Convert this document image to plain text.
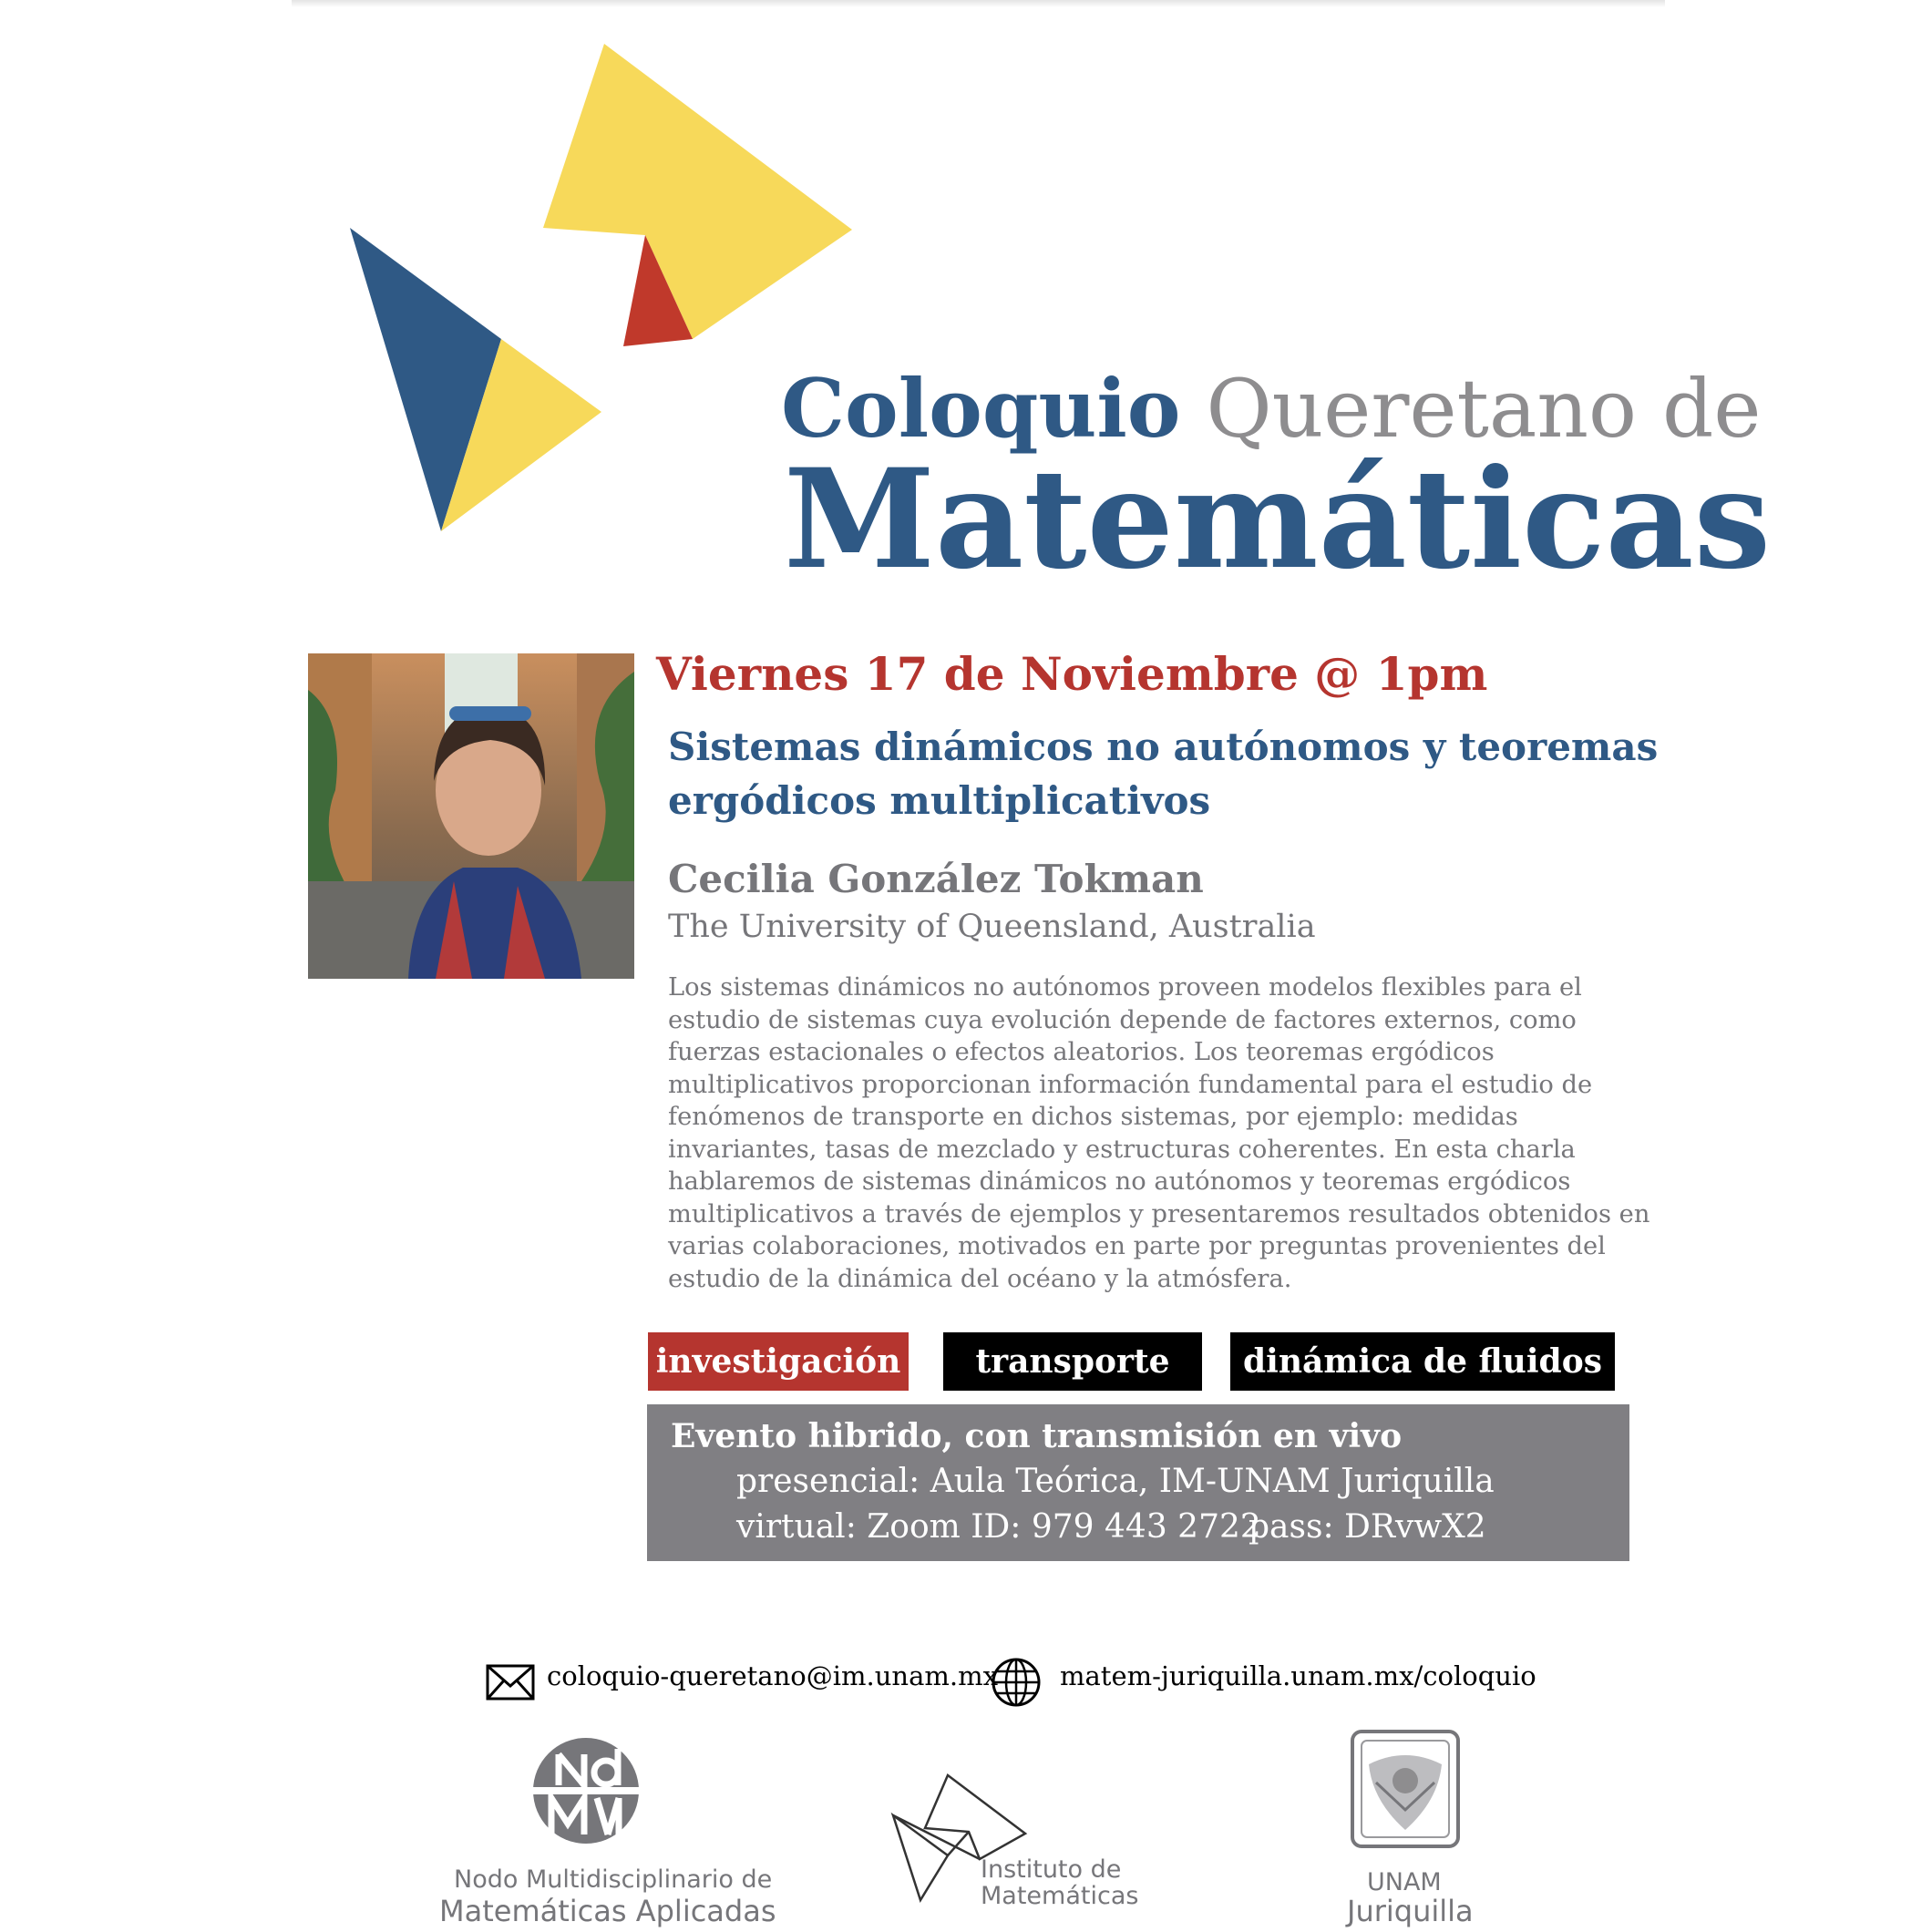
Coloquio Queretano de
Matemáticas
Viernes 17 de Noviembre @ 1pm
Sistemas dinámicos no autónomos y teoremas ergódicos multiplicativos
Cecilia González Tokman
The University of Queensland, Australia
Los sistemas dinámicos no autónomos proveen modelos flexibles para el estudio de sistemas cuya evolución depende de factores externos, como fuerzas estacionales o efectos aleatorios. Los teoremas ergódicos multiplicativos proporcionan información fundamental para el estudio de fenómenos de transporte en dichos sistemas, por ejemplo: medidas invariantes, tasas de mezclado y estructuras coherentes. En esta charla hablaremos de sistemas dinámicos no autónomos y teoremas ergódicos multiplicativos a través de ejemplos y presentaremos resultados obtenidos en varias colaboraciones, motivados en parte por preguntas provenientes del estudio de la dinámica del océano y la atmósfera.
investigación	transporte	dinámica de fluidos
Evento hibrido, con transmisión en vivo
presencial: Aula Teórica, IM-UNAM Juriquilla
virtual: Zoom ID: 979 443 2722
pass: DRvwX2
coloquio-queretano@im.unam.mx matem-juriquilla.unam.mx/coloquio
Nodo Multidisciplinario de
Matemáticas Aplicadas
Instituto de
Matemáticas	UNAM
Juriquilla
